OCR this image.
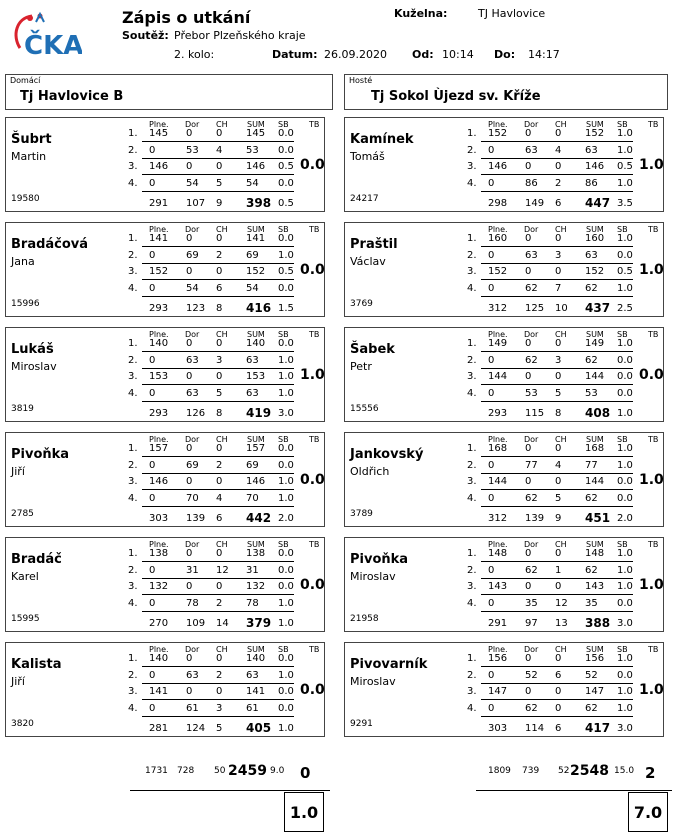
ČKA
Zápis o utkání	Kuželna:	TJ Havlovice
Soutěž: Přebor Plzeňského kraje
2. kolo:	Datum: 26.09.2020 Od: 10:14 Do: 14:17
Domácí
Tj Havlovice B
Hosté
Tj Sokol Ùjezd sv. Kříže
Šubrt
Martin
19580
Plne. Dor CH SUM SB	TB
1. 145 0 0 145 0.0
2. 0	53 4 53 0.0
3. 146 0 0 146 0.5
4. 0	54 5 54 0.0
291 107 9 398 0.5
0.0
Bradáčová
Jana
15996
Plne. Dor CH SUM SB	TB
1. 141 0 0 141 0.0
2. 0	69 2 69 1.0
3. 152 0 0 152 0.5
4. 0	54 6 54 0.0
293 123 8 416 1.5
0.0
Lukáš
Miroslav
3819
Plne. Dor CH SUM SB	TB
1. 140 0 0 140 0.0
2. 0	63 3 63 1.0
3. 153 0 0 153 1.0
4. 0	63 5 63 1.0
293 126 8 419 3.0
1.0
Pivoňka
Jiří
2785
Plne. Dor CH SUM SB	TB
1. 157 0 0 157 0.0
2. 0	69 2 69 0.0
3. 146 0 0 146 1.0
4. 0	70 4 70 1.0
303 139 6 442 2.0
0.0
Bradáč
Karel
15995
Plne. Dor CH SUM SB	TB
1. 138 0 0 138 0.0
2. 0	31 12 31 0.0
3. 132 0 0 132 0.0
4. 0	78 2 78 1.0
270 109 14 379 1.0
0.0
Kalista
Jiří
3820
Plne. Dor CH SUM SB	TB
1. 140 0 0 140 0.0
2. 0	63 2 63 1.0
3. 141 0 0 141 0.0
4. 0	61 3 61 0.0
281 124 5 405 1.0
0.0
Kamínek
Tomáš
24217
Plne. Dor CH SUM SB	TB
1. 152 0 0 152 1.0
2. 0	63 4 63 1.0
3. 146 0 0 146 0.5
4. 0	86 2 86 1.0
298 149 6 447 3.5
1.0
Praštil
Václav
3769
Plne. Dor CH SUM SB	TB
1. 160 0 0 160 1.0
2. 0	63 3 63 0.0
3. 152 0 0 152 0.5
4. 0	62 7 62 1.0
312 125 10 437 2.5
1.0
Šabek
Petr
15556
Plne. Dor CH SUM SB	TB
1. 149 0 0 149 1.0
2. 0	62 3 62 0.0
3. 144 0 0 144 0.0
4. 0	53 5 53 0.0
293 115 8 408 1.0
0.0
Jankovský
Oldřich
3789
Plne. Dor CH SUM SB	TB
1. 168 0 0 168 1.0
2. 0	77 4 77 1.0
3. 144 0 0 144 0.0
4. 0	62 5 62 0.0
312 139 9 451 2.0
1.0
Pivoňka
Miroslav
21958
Plne. Dor CH SUM SB	TB
1. 148 0 0 148 1.0
2. 0	62 1 62 1.0
3. 143 0 0 143 1.0
4. 0	35 12 35 0.0
291 97 13 388 3.0
1.0
Pivovarník
Miroslav
9291
Plne. Dor CH SUM SB	TB
1. 156 0 0 156 1.0
2. 0	52 6 52 0.0
3. 147 0 0 147 1.0
4. 0	62 0 62 1.0
303 114 6 417 3.0
1.0
1731 728 50 2459 9.0 0
1.0
1809 739 52 2548 15.0 2
7.0
